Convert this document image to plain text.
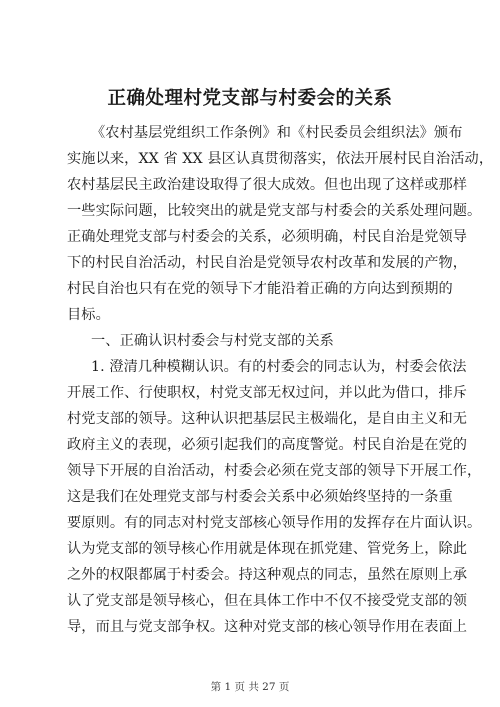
正确处理村党支部与村委会的关系
《农村基层党组织工作条例》和《村民委员会组织法》颁布
实施以来，XX 省 XX 县区认真贯彻落实，依法开展村民自治活动，
农村基层民主政治建设取得了很大成效。但也出现了这样或那样
一些实际问题，比较突出的就是党支部与村委会的关系处理问题。
正确处理党支部与村委会的关系，必须明确，村民自治是党领导
下的村民自治活动，村民自治是党领导农村改革和发展的产物，
村民自治也只有在党的领导下才能沿着正确的方向达到预期的
目标。
一、正确认识村委会与村党支部的关系
1. 澄清几种模糊认识。有的村委会的同志认为，村委会依法
开展工作、行使职权，村党支部无权过问，并以此为借口，排斥
村党支部的领导。这种认识把基层民主极端化，是自由主义和无
政府主义的表现，必须引起我们的高度警觉。村民自治是在党的
领导下开展的自治活动，村委会必须在党支部的领导下开展工作，
这是我们在处理党支部与村委会关系中必须始终坚持的一条重
要原则。有的同志对村党支部核心领导作用的发挥存在片面认识。
认为党支部的领导核心作用就是体现在抓党建、管党务上，除此
之外的权限都属于村委会。持这种观点的同志，虽然在原则上承
认了党支部是领导核心，但在具体工作中不仅不接受党支部的领
导，而且与党支部争权。这种对党支部的核心领导作用在表面上
第 1 页 共 27 页
